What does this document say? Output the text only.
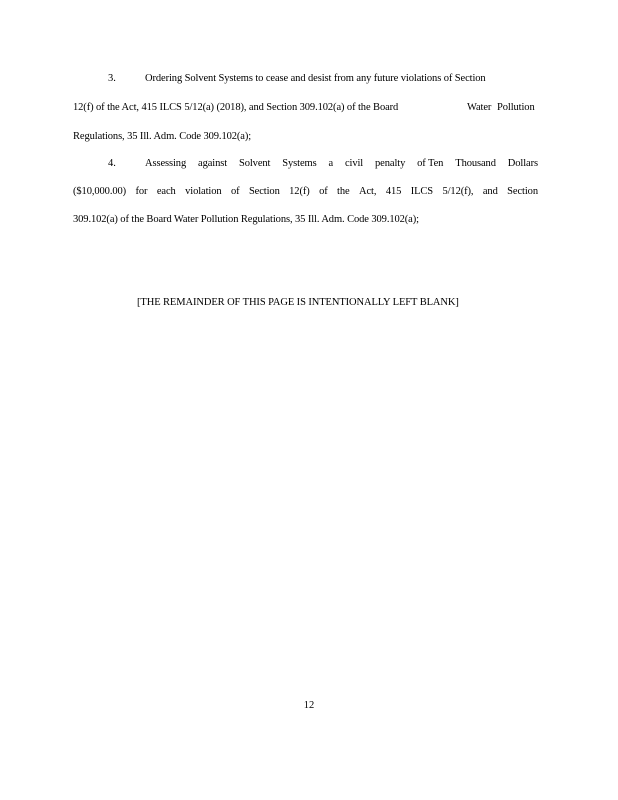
3.	Ordering Solvent Systems to cease and desist from any future violations of Section
12(f) of the Act, 415 ILCS 5/12(a) (2018), and Section 309.102(a) of the Board	Water Pollution
Regulations, 35 Ill. Adm. Code 309.102(a);
4.	Assessing against Solvent Systems a civil penalty of Ten Thousand Dollars
($10,000.00) for each violation of Section 12(f) of the Act, 415 ILCS 5/12(f), and Section
309.102(a) of the Board Water Pollution Regulations, 35 Ill. Adm. Code 309.102(a);
[THE REMAINDER OF THIS PAGE IS INTENTIONALLY LEFT BLANK]
12
